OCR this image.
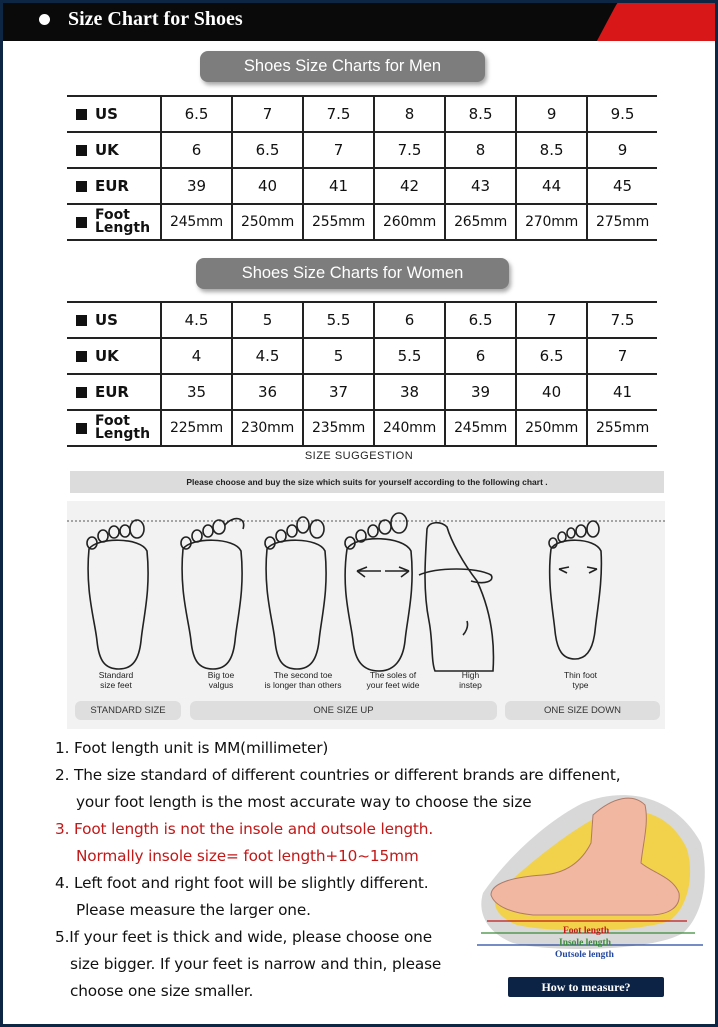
Size Chart for Shoes
Shoes Size Charts for Men
US	6.5	7	7.5	8	8.5	9	9.5
UK	6	6.5	7	7.5	8	8.5	9
EUR	39	40	41	42	43	44	45
Foot
Length	245mm	250mm	255mm	260mm	265mm	270mm	275mm
Shoes Size Charts for Women
US	4.5	5	5.5	6	6.5	7	7.5
UK	4	4.5	5	5.5	6	6.5	7
EUR	35	36	37	38	39	40	41
Foot
Length	225mm	230mm	235mm	240mm	245mm	250mm	255mm
SIZE SUGGESTION
Please choose and buy the size which suits for yourself according to the following chart .
Standard
size feet
Big toe
valgus
The second toe
is longer than others
The soles of
your feet wide
High
instep
Thin foot
type
STANDARD SIZE	ONE SIZE UP	ONE SIZE DOWN
Foot length
Insole length
Outsole length
1. Foot length unit is MM(millimeter)
2. The size standard of different countries or different brands are diffenent,
your foot length is the most accurate way to choose the size
3. Foot length is not the insole and outsole length.
Normally insole size= foot length+10~15mm
4. Left foot and right foot will be slightly different.
Please measure the larger one.
5.If your feet is thick and wide, please choose one
size bigger. If your feet is narrow and thin, please
choose one size smaller.	How to measure?
